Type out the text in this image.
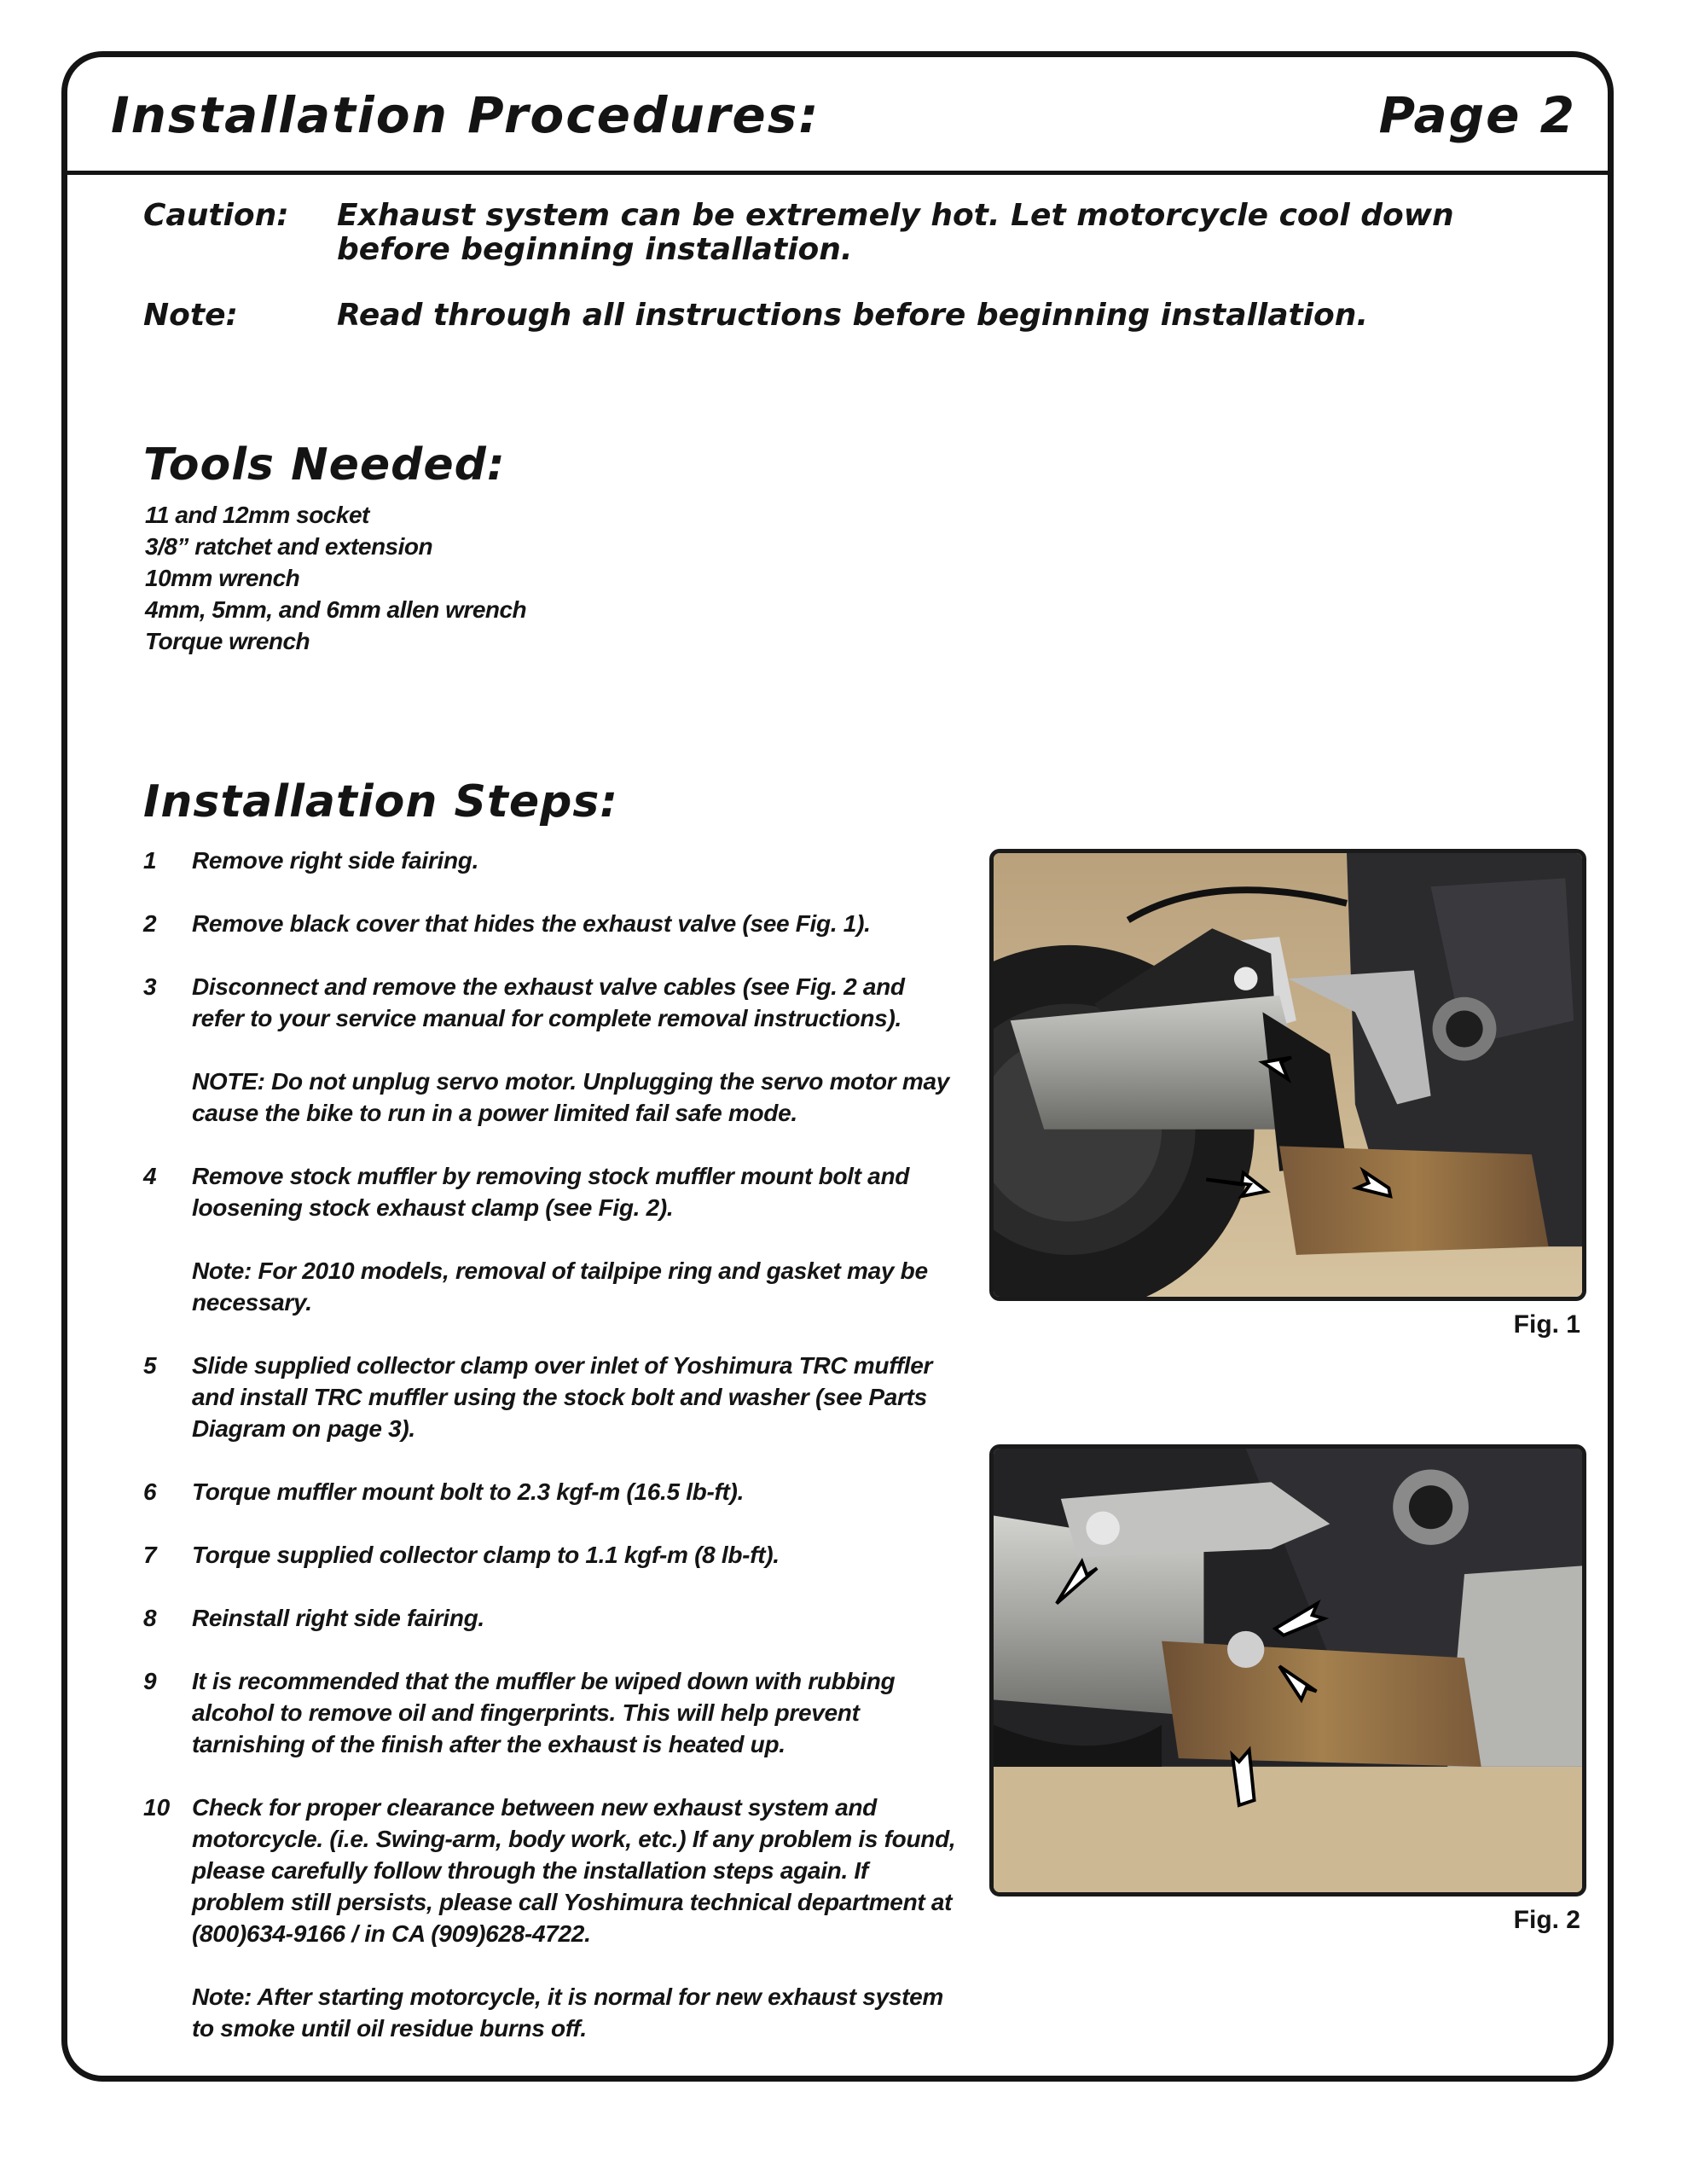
Installation Procedures:	Page 2
Caution: Exhaust system can be extremely hot. Let motorcycle cool down before beginning installation.
Note:	Read through all instructions before beginning installation.
Tools Needed:
11 and 12mm socket
3/8” ratchet and extension
10mm wrench
4mm, 5mm, and 6mm allen wrench
Torque wrench
Installation Steps:
1	Remove right side fairing.
2	Remove black cover that hides the exhaust valve (see Fig. 1).
3	Disconnect and remove the exhaust valve cables (see Fig. 2 and refer to your service manual for complete removal instructions).
NOTE: Do not unplug servo motor. Unplugging the servo motor may cause the bike to run in a power limited fail safe mode.
4	Remove stock muffler by removing stock muffler mount bolt and loosening stock exhaust clamp (see Fig. 2).
Note: For 2010 models, removal of tailpipe ring and gasket may be necessary.
5	Slide supplied collector clamp over inlet of Yoshimura TRC muffler and install TRC muffler using the stock bolt and washer (see Parts Diagram on page 3).
6	Torque muffler mount bolt to 2.3 kgf-m (16.5 lb-ft).
7	Torque supplied collector clamp to 1.1 kgf-m (8 lb-ft).
8	Reinstall right side fairing.
9	It is recommended that the muffler be wiped down with rubbing alcohol to remove oil and fingerprints. This will help prevent tarnishing of the finish after the exhaust is heated up.
10 Check for proper clearance between new exhaust system and motorcycle. (i.e. Swing-arm, body work, etc.) If any problem is found, please carefully follow through the installation steps again. If problem still persists, please call Yoshimura technical department at (800)634-9166 / in CA (909)628-4722.
Note: After starting motorcycle, it is normal for new exhaust system to smoke until oil residue burns off.
Fig. 1
Fig. 2
